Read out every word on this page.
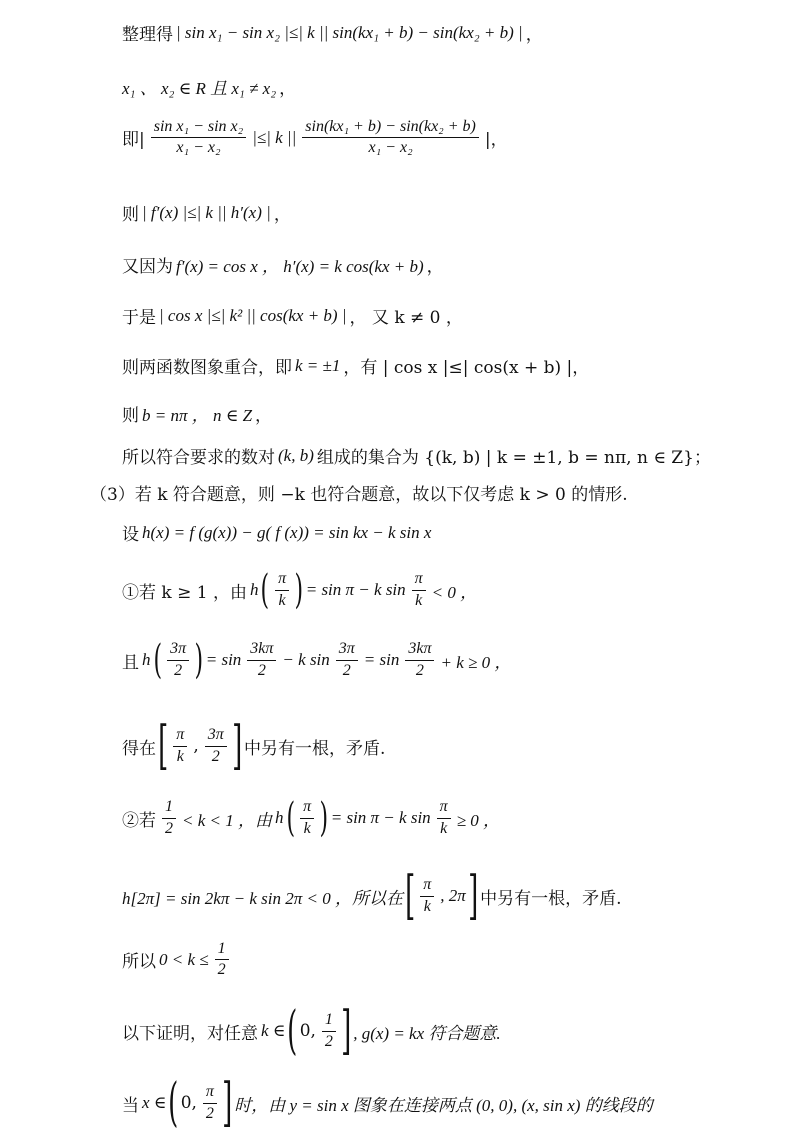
整理得 | sin x₁ − sin x₂ |≤| k || sin(kx₁ + b) − sin(kx₂ + b) | ，
x₁ 、 x₂ ∈ R 且 x₁ ≠ x₂ ，
即| $\frac{\text{sin x₁ − sin x₂}}{\text{x₁ − x₂}}$ |≤| k || $\frac{\text{sin(kx₁ + b) − sin(kx₂ + b)}}{\text{x₁ − x₂}}$ |，
则 | f′(x) |≤| k || h′(x) | ，
又因为 f′(x) = cos x ， h′(x) = k cos(kx + b) ，
于是 | cos x |≤| k² || cos(kx + b) | ， 又 k ≠ 0 ，
则两函数图象重合，即 k = ±1 ，有 | cos x |≤| cos(x + b) |，
则 b = nπ ， n ∈ Z ，
所以符合要求的数对 (k, b) 组成的集合为 {(k, b) | k = ±1, b = nπ, n ∈ Z}；
（3）若 k 符合题意，则 −k 也符合题意，故以下仅考虑 k > 0 的情形.
设 h(x) = f (g(x)) − g( f (x)) = sin kx − k sin x
①若 k ≥ 1 ，由 h ( $\frac{\pi}{k}$ ) = sin π − k $\sin \frac{\pi}{k} < 0$ ，
且 h ( $\frac{3\pi}{2}$ ) = $\sin \frac{3k\pi}{2} - k$ $\sin \frac{3\pi}{2} = \sin \frac{3k\pi}{2} + k \ge 0$ ，
得在 [ $\frac{\pi}{k}$ , $\frac{3\pi}{2}$ ] 中另有一根，矛盾.
②若 $\frac{1}{2} < k < 1$ ，由 h ( $\frac{\pi}{k}$ ) = sin π − k $\sin \frac{\pi}{k} \ge 0$ ，
h[2π] = sin 2kπ − k sin 2π < 0 ，所以在 [ $\frac{\pi}{k}$ , 2π ] 中另有一根，矛盾.
所以 $0 < k \le \frac{1}{2}$
以下证明，对任意 k ∈ ( 0, $\frac{1}{2}$ ] , g(x) = kx 符合题意.
当 x ∈ ( 0, $\frac{\pi}{2}$ ] 时，由 y = sin x 图象在连接两点 (0, 0), (x, sin x) 的线段的
